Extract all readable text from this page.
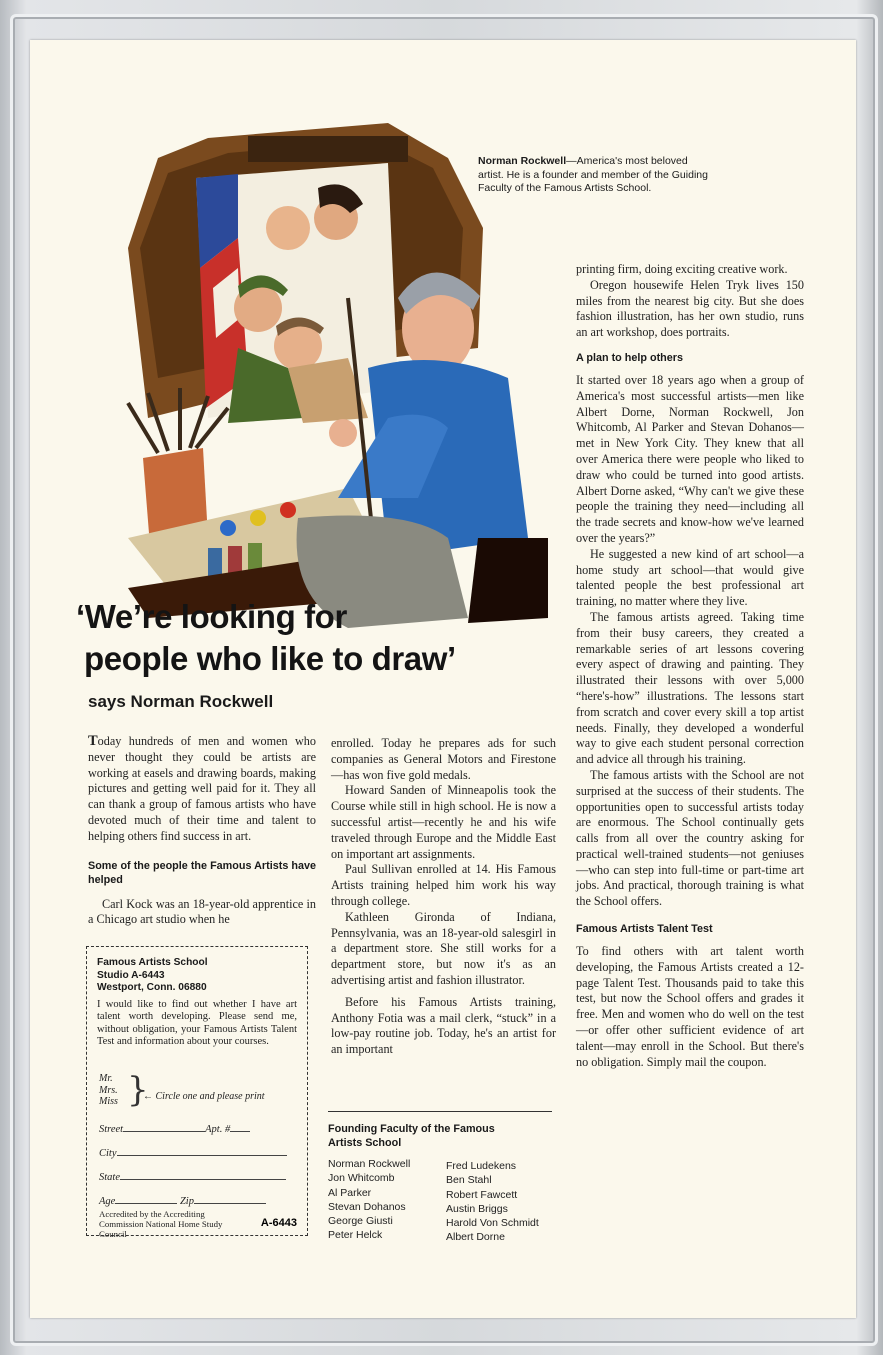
Norman Rockwell—America's most beloved artist. He is a founder and member of the Guiding Faculty of the Famous Artists School.
‘We’re looking for
people who like to draw’
says Norman Rockwell

Today hundreds of men and women who never thought they could be artists are working at easels and drawing boards, making pictures and getting well paid for it. They all can thank a group of famous artists who have devoted much of their time and talent to helping others find success in art.

Some of the people the Famous Artists have helped

Carl Kock was an 18-year-old apprentice in a Chicago art studio when he

Famous Artists School
Studio A-6443
Westport, Conn. 06880
I would like to find out whether I have art talent worth developing. Please send me, without obligation, your Famous Artists Talent Test and information about your courses.
Mr.
Mrs.
Miss }
← Circle one and please print
Street	Apt. #
City
State
Age	Zip
Accredited by the Accrediting Commission National Home Study Council
A-6443

enrolled. Today he prepares ads for such companies as General Motors and Firestone—has won five gold medals.

Howard Sanden of Minneapolis took the Course while still in high school. He is now a successful artist—recently he and his wife traveled through Europe and the Middle East on important art assignments.

Paul Sullivan enrolled at 14. His Famous Artists training helped him work his way through college.

Kathleen Gironda of Indiana, Pennsylvania, was an 18-year-old salesgirl in a department store. She still works for a department store, but now it's as an advertising artist and fashion illustrator.

Before his Famous Artists training, Anthony Fotia was a mail clerk, “stuck” in a low-pay routine job. Today, he's an artist for an important

Founding Faculty of the Famous Artists School
Norman Rockwell
Jon Whitcomb
Al Parker
Stevan Dohanos
George Giusti
Peter Helck
Fred Ludekens
Ben Stahl
Robert Fawcett
Austin Briggs
Harold Von Schmidt
Albert Dorne

printing firm, doing exciting creative work.

Oregon housewife Helen Tryk lives 150 miles from the nearest big city. But she does fashion illustration, has her own studio, runs an art workshop, does portraits.

A plan to help others

It started over 18 years ago when a group of America's most successful artists—men like Albert Dorne, Norman Rockwell, Jon Whitcomb, Al Parker and Stevan Dohanos—met in New York City. They knew that all over America there were people who liked to draw who could be turned into good artists. Albert Dorne asked, “Why can't we give these people the training they need—including all the trade secrets and know-how we've learned over the years?”

He suggested a new kind of art school—a home study art school—that would give talented people the best professional art training, no matter where they live.

The famous artists agreed. Taking time from their busy careers, they created a remarkable series of art lessons covering every aspect of drawing and painting. They illustrated their lessons with over 5,000 “here's-how” illustrations. The lessons start from scratch and cover every skill a top artist needs. Finally, they developed a wonderful way to give each student personal correction and advice all through his training.

The famous artists with the School are not surprised at the success of their students. The opportunities open to successful artists today are enormous. The School continually gets calls from all over the country asking for practical well-trained students—not geniuses—who can step into full-time or part-time art jobs. And practical, thorough training is what the School offers.

Famous Artists Talent Test

To find others with art talent worth developing, the Famous Artists created a 12-page Talent Test. Thousands paid to take this test, but now the School offers and grades it free. Men and women who do well on the test—or offer other sufficient evidence of art talent—may enroll in the School. But there's no obligation. Simply mail the coupon.
